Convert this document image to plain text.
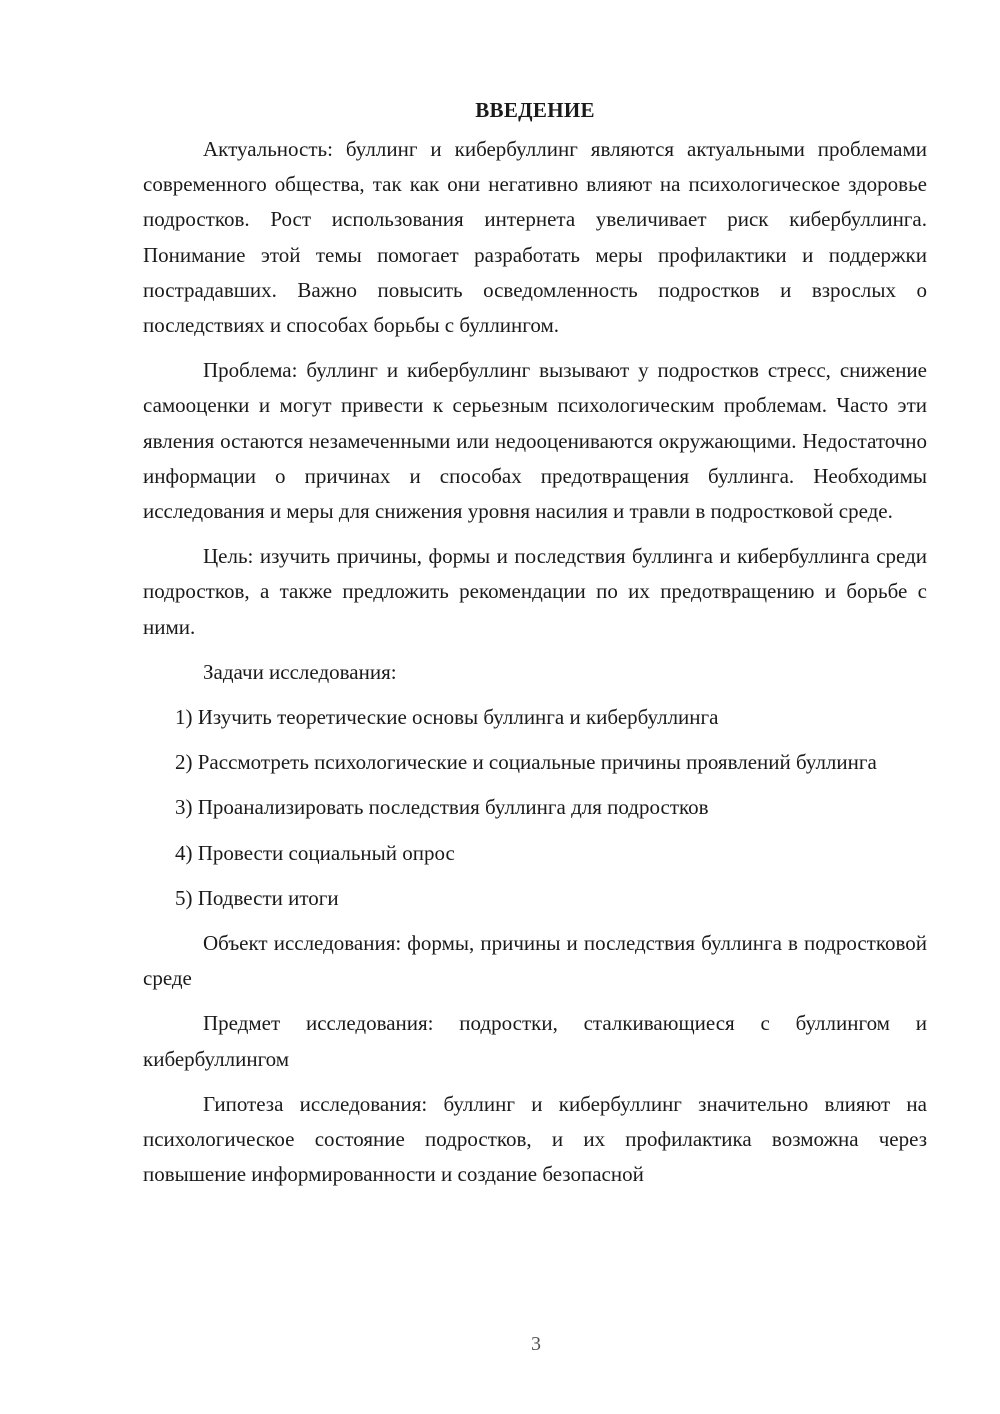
ВВЕДЕНИЕ

Актуальность: буллинг и кибербуллинг являются актуальными проблемами современного общества, так как они негативно влияют на психологическое здоровье подростков. Рост использования интернета увеличивает риск кибербуллинга. Понимание этой темы помогает разработать меры профилактики и поддержки пострадавших. Важно повысить осведомленность подростков и взрослых о последствиях и способах борьбы с буллингом.

Проблема: буллинг и кибербуллинг вызывают у подростков стресс, снижение самооценки и могут привести к серьезным психологическим проблемам. Часто эти явления остаются незамеченными или недооцениваются окружающими. Недостаточно информации о причинах и способах предотвращения буллинга. Необходимы исследования и меры для снижения уровня насилия и травли в подростковой среде.

Цель: изучить причины, формы и последствия буллинга и кибербуллинга среди подростков, а также предложить рекомендации по их предотвращению и борьбе с ними.

Задачи исследования:

1) Изучить теоретические основы буллинга и кибербуллинга

2) Рассмотреть психологические и социальные причины проявлений буллинга

3) Проанализировать последствия буллинга для подростков

4) Провести социальный опрос

5) Подвести итоги

Объект исследования: формы, причины и последствия буллинга в подростковой среде

Предмет исследования: подростки, сталкивающиеся с буллингом и кибербуллингом

Гипотеза исследования: буллинг и кибербуллинг значительно влияют на психологическое состояние подростков, и их профилактика возможна через повышение информированности и создание безопасной

3
